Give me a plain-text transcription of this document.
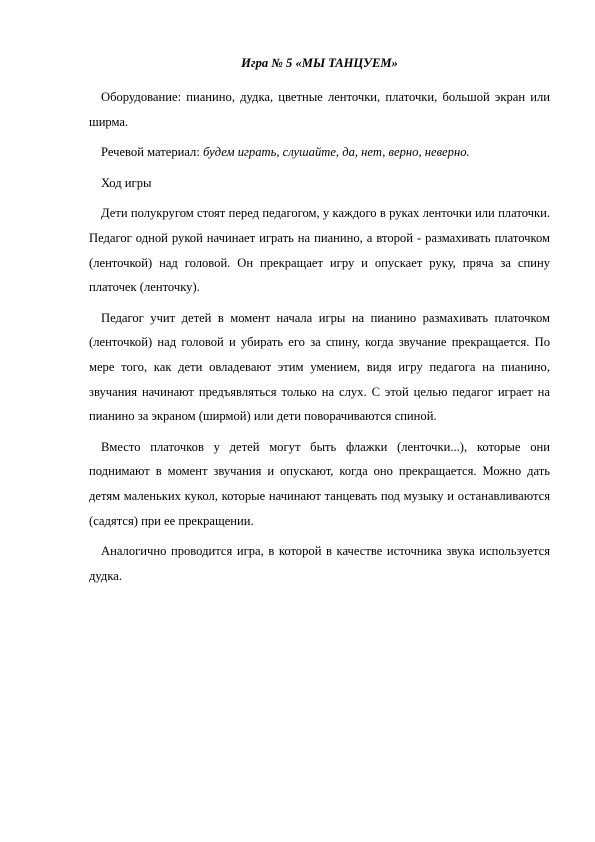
Игра № 5 «МЫ ТАНЦУЕМ»

Оборудование: пианино, дудка, цветные ленточки, платочки, большой экран или ширма.

Речевой материал: будем играть, слушайте, да, нет, верно, неверно.

Ход игры

Дети полукругом стоят перед педагогом, у каждого в руках ленточки или платочки. Педагог одной рукой начинает играть на пианино, а второй - размахивать платочком (ленточкой) над головой. Он прекращает игру и опускает руку, пряча за спину платочек (ленточку).

Педагог учит детей в момент начала игры на пианино размахивать платочком (ленточкой) над головой и убирать его за спину, когда звучание прекращается. По мере того, как дети овладевают этим умением, видя игру педагога на пианино, звучания начинают предъявляться только на слух. С этой целью педагог играет на пианино за экраном (ширмой) или дети поворачиваются спиной.

Вместо платочков у детей могут быть флажки (ленточки...), которые они поднимают в момент звучания и опускают, когда оно прекращается. Можно дать детям маленьких кукол, которые начинают танцевать под музыку и останавливаются (садятся) при ее прекращении.

Аналогично проводится игра, в которой в качестве источника звука используется дудка.
